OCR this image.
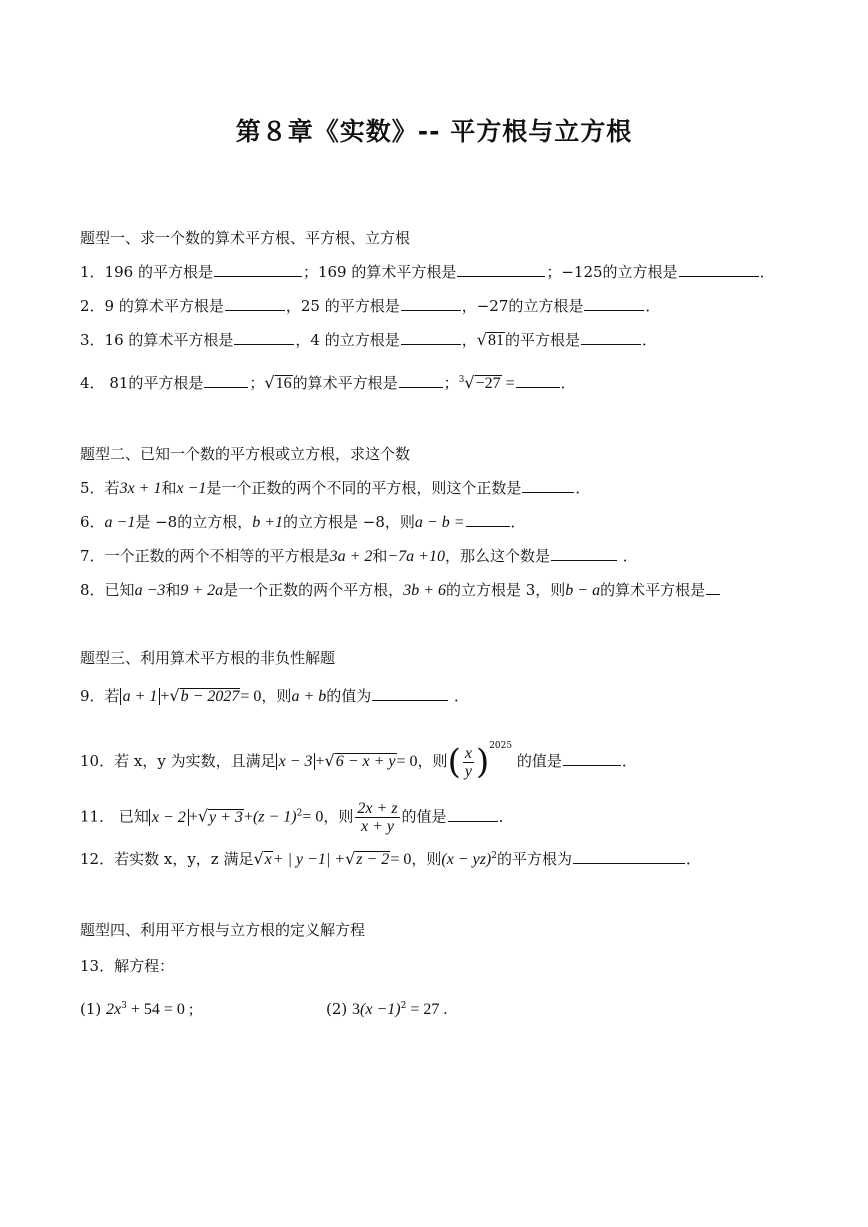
第８章《实数》-- 平方根与立方根
题型一、求一个数的算术平方根、平方根、立方根
1．196 的平方根是	；169 的算术平方根是	；−125的立方根是	．
2．9 的算术平方根是	，25 的平方根是	，−27的立方根是	．
3．16 的算术平方根是	，4 的立方根是	，√81的平方根是	．
4． 81的平方根是	；√16的算术平方根是	；$^3$√−27 =	．
题型二、已知一个数的平方根或立方根，求这个数
5．若3x + 1和x −1是一个正数的两个不同的平方根，则这个正数是	．
6．a −1是 −8的立方根，b +1的立方根是 −8，则a − b =	．
7．一个正数的两个不相等的平方根是3a + 2和−7a +10，那么这个数是	．
8．已知a −3和9 + 2a是一个正数的两个平方根，3b + 6的立方根是 3，则b − a的算术平方根是
题型三、利用算术平方根的非负性解题
9．若 a + 1 +√b − 2027= 0，则a + b的值为	．
10．若 x，y 为实数，且满足 x − 3 +√6 − x + y= 0，则( $\frac{x}{y} )^{2025}$ 的值是	．
11． 已知 $x - 2 +√y + 3+(z - 1)^2= 0$，则 $\frac{2x + z}{x + y}$ 的值是	．
12．若实数 x，y，z 满足√x+ | y −1| +√z − 2= 0，则(x − yz)$^2$的平方根为	．
题型四、利用平方根与立方根的定义解方程
13．解方程：
(1) $2x^3 + 54 = 0$ ;	(2) $3(x -1)^2 = 27$ .
